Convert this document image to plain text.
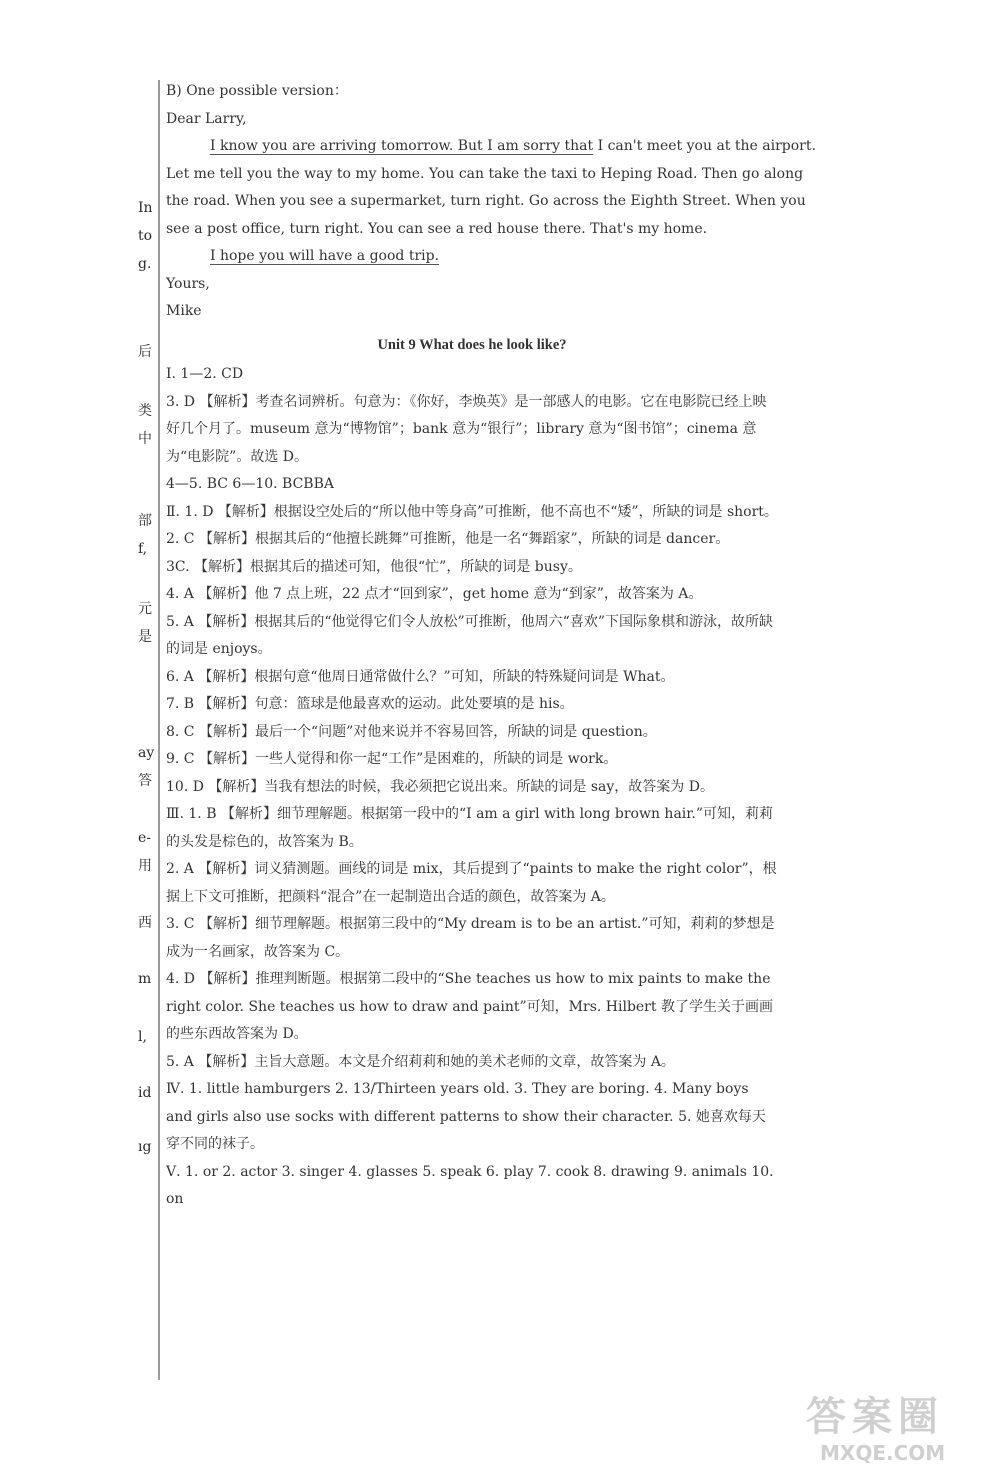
In
to
g.
后
类
中
部
f,
元
是
ay
答
e-
用
西
m
l,
id
ıg
B) One possible version：
Dear Larry,
I know you are arriving tomorrow. But I am sorry that I can't meet you at the airport.
Let me tell you the way to my home. You can take the taxi to Heping Road. Then go along
the road. When you see a supermarket, turn right. Go across the Eighth Street. When you
see a post office, turn right. You can see a red house there. That's my home.
I hope you will have a good trip.
Yours,
Mike
Unit 9 What does he look like?
Ⅰ. 1—2. CD
3. D 【解析】考查名词辨析。句意为：《你好，李焕英》是一部感人的电影。它在电影院已经上映好几个月了。museum 意为“博物馆”；bank 意为“银行”；library 意为“图书馆”；cinema 意为“电影院”。故选 D。
4—5. BC 6—10. BCBBA
Ⅱ. 1. D 【解析】根据设空处后的“所以他中等身高”可推断，他不高也不“矮”，所缺的词是 short。
2. C 【解析】根据其后的“他擅长跳舞”可推断，他是一名“舞蹈家”，所缺的词是 dancer。
3C. 【解析】根据其后的描述可知，他很“忙”，所缺的词是 busy。
4. A 【解析】他 7 点上班，22 点才“回到家”，get home 意为“到家”，故答案为 A。
5. A 【解析】根据其后的“他觉得它们令人放松”可推断，他周六“喜欢”下国际象棋和游泳，故所缺的词是 enjoys。
6. A 【解析】根据句意“他周日通常做什么？”可知，所缺的特殊疑问词是 What。
7. B 【解析】句意：篮球是他最喜欢的运动。此处要填的是 his。
8. C 【解析】最后一个“问题”对他来说并不容易回答，所缺的词是 question。
9. C 【解析】一些人觉得和你一起“工作”是困难的，所缺的词是 work。
10. D 【解析】当我有想法的时候，我必须把它说出来。所缺的词是 say，故答案为 D。
Ⅲ. 1. B 【解析】细节理解题。根据第一段中的“I am a girl with long brown hair.”可知，莉莉的头发是棕色的，故答案为 B。
2. A 【解析】词义猜测题。画线的词是 mix，其后提到了“paints to make the right color”，根据上下文可推断，把颜料“混合”在一起制造出合适的颜色，故答案为 A。
3. C 【解析】细节理解题。根据第三段中的“My dream is to be an artist.”可知，莉莉的梦想是成为一名画家，故答案为 C。
4. D 【解析】推理判断题。根据第二段中的“She teaches us how to mix paints to make the right color. She teaches us how to draw and paint”可知，Mrs. Hilbert 教了学生关于画画的些东西故答案为 D。
5. A 【解析】主旨大意题。本文是介绍莉莉和她的美术老师的文章，故答案为 A。
Ⅳ. 1. little hamburgers 2. 13/Thirteen years old. 3. They are boring. 4. Many boys and girls also use socks with different patterns to show their character. 5. 她喜欢每天穿不同的袜子。
Ⅴ. 1. or 2. actor 3. singer 4. glasses 5. speak 6. play 7. cook 8. drawing 9. animals 10. on
答案圈
MXQE.COM
